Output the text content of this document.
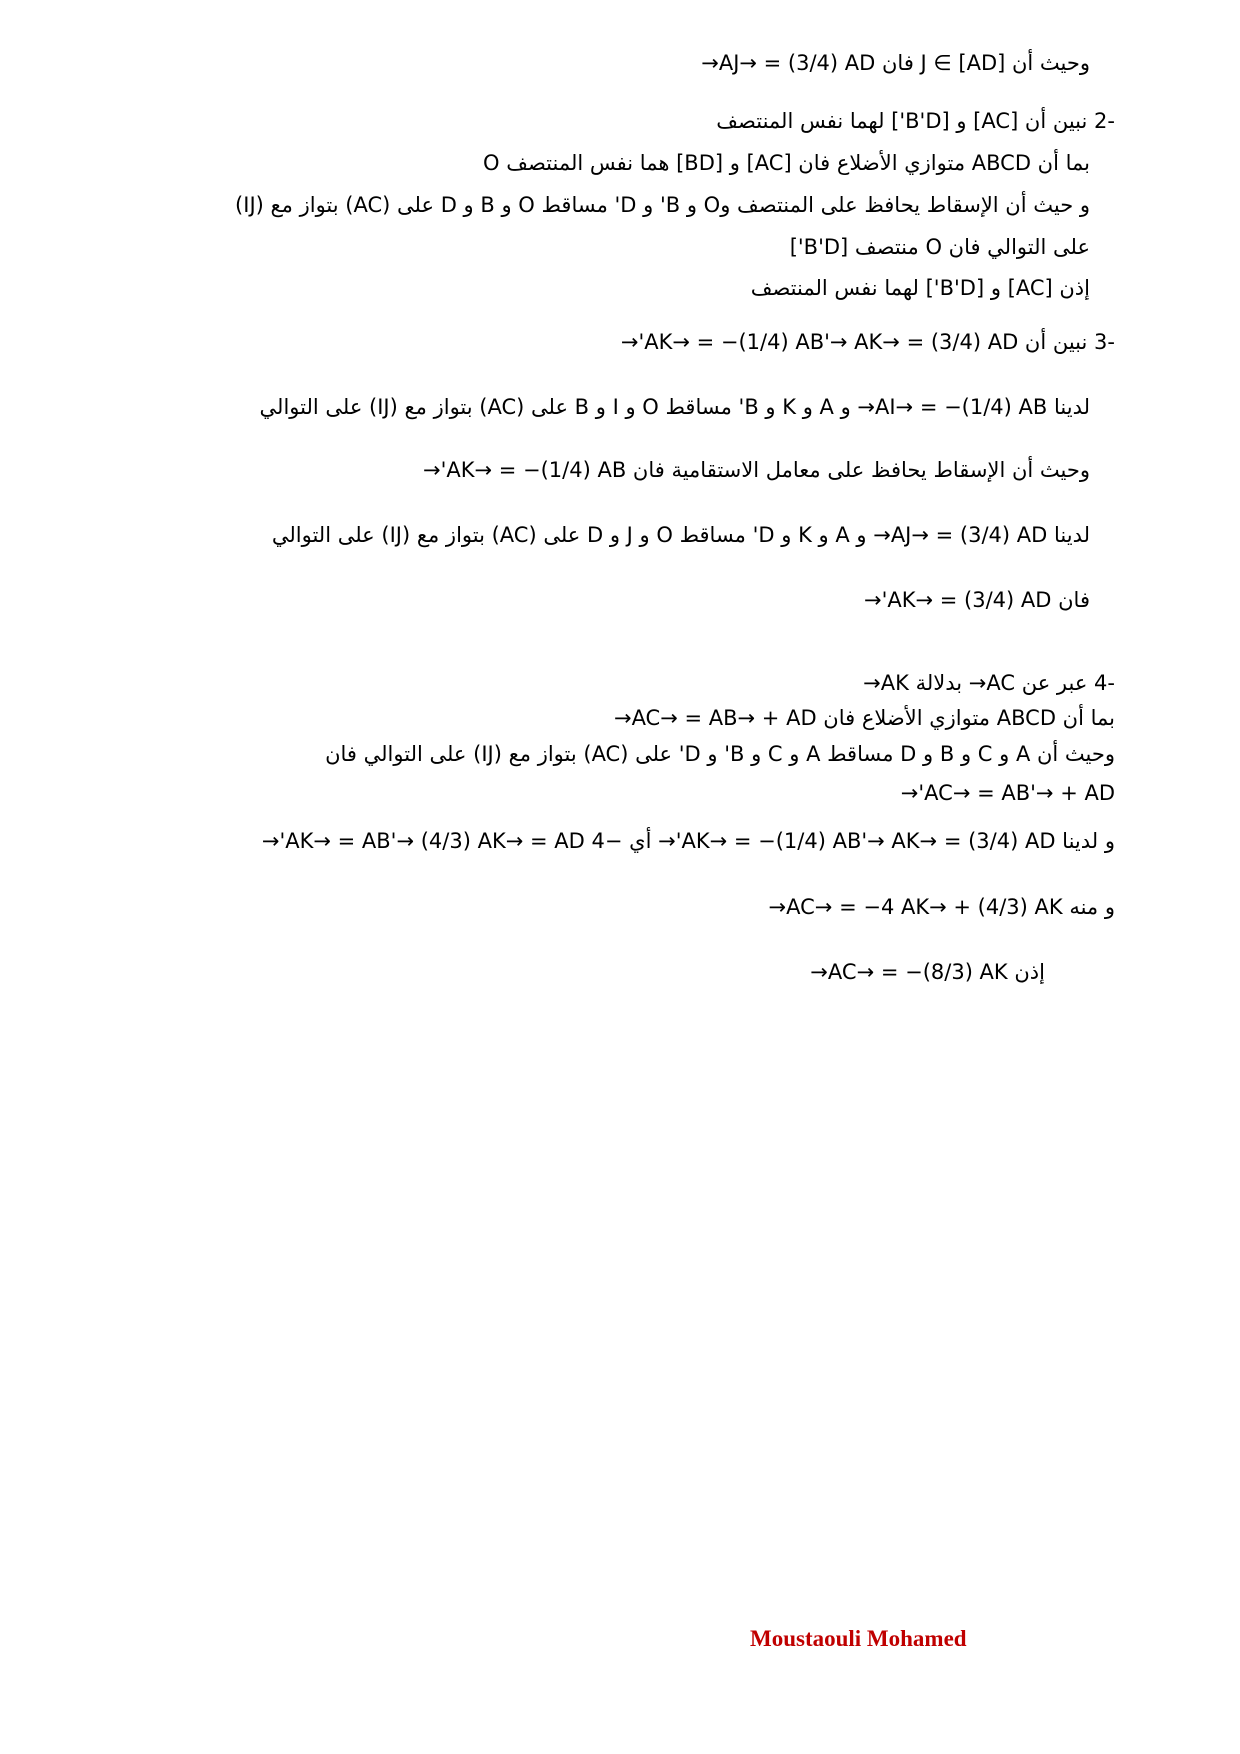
وحيث أن J ∈ [AD] فان AJ→ = (3/4) AD→
-2 نبين أن [AC] و [B'D'] لهما نفس المنتصف
بما أن ABCD متوازي الأضلاع فان [AC] و [BD] هما نفس المنتصف O
و حيث أن الإسقاط يحافظ على المنتصف وO و B' و D' مساقط O و B و D على (AC) بتواز مع (IJ)
على التوالي فان O منتصف [B'D']
إذن [AC] و [B'D'] لهما نفس المنتصف
-3 نبين أن AK→ = −(1/4) AB'→ AK→ = (3/4) AD'→
لدينا AI→ = −(1/4) AB→ و A و K و B' مساقط O و I و B على (AC) بتواز مع (IJ) على التوالي
وحيث أن الإسقاط يحافظ على معامل الاستقامية فان AK→ = −(1/4) AB'→
لدينا AJ→ = (3/4) AD→ و A و K و D' مساقط O و J و D على (AC) بتواز مع (IJ) على التوالي
فان AK→ = (3/4) AD'→
-4 عبر عن AC→ بدلالة AK→
بما أن ABCD متوازي الأضلاع فان AC→ = AB→ + AD→
وحيث أن A و C و B و D مساقط A و C و B' و D' على (AC) بتواز مع (IJ) على التوالي فان
AC→ = AB'→ + AD'→
و لدينا AK→ = −(1/4) AB'→ AK→ = (3/4) AD'→ أي −4 AK→ = AB'→ (4/3) AK→ = AD'→
و منه AC→ = −4 AK→ + (4/3) AK→
إذن AC→ = −(8/3) AK→
Moustaouli Mohamed
